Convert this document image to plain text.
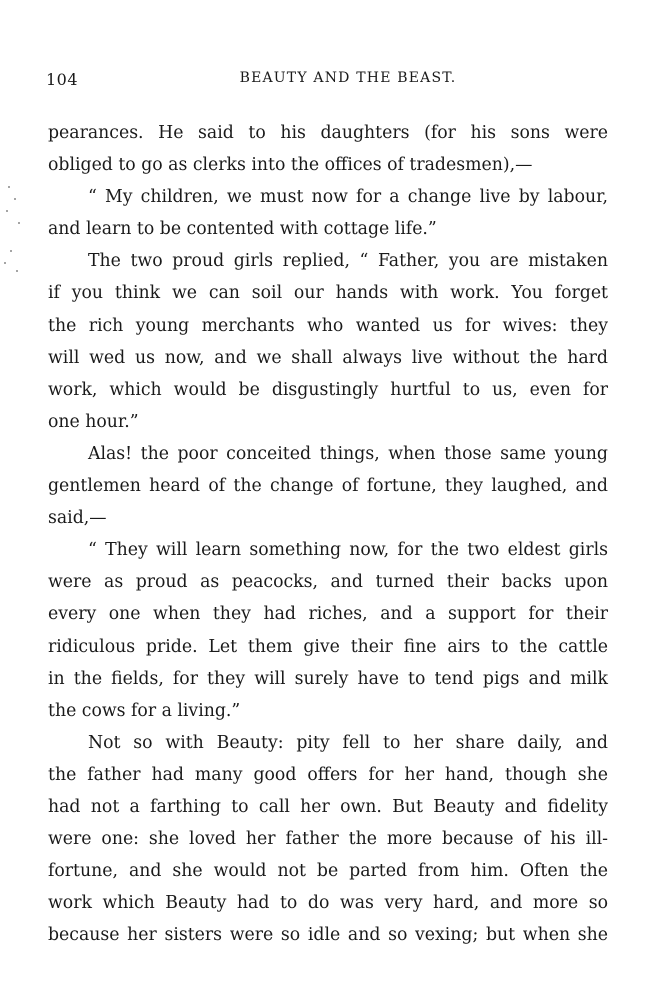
104	BEAUTY AND THE BEAST.
pearances. He said to his daughters (for his sons were
obliged to go as clerks into the offices of tradesmen),—
“ My children, we must now for a change live by labour,
and learn to be contented with cottage life.”
The two proud girls replied, “ Father, you are mistaken
if you think we can soil our hands with work. You forget
the rich young merchants who wanted us for wives: they
will wed us now, and we shall always live without the hard
work, which would be disgustingly hurtful to us, even for
one hour.”
Alas! the poor conceited things, when those same young
gentlemen heard of the change of fortune, they laughed, and
said,—
“ They will learn something now, for the two eldest girls
were as proud as peacocks, and turned their backs upon
every one when they had riches, and a support for their
ridiculous pride. Let them give their fine airs to the cattle
in the fields, for they will surely have to tend pigs and milk
the cows for a living.”
Not so with Beauty: pity fell to her share daily, and
the father had many good offers for her hand, though she
had not a farthing to call her own. But Beauty and fidelity
were one: she loved her father the more because of his ill-
fortune, and she would not be parted from him. Often the
work which Beauty had to do was very hard, and more so
because her sisters were so idle and so vexing; but when she
